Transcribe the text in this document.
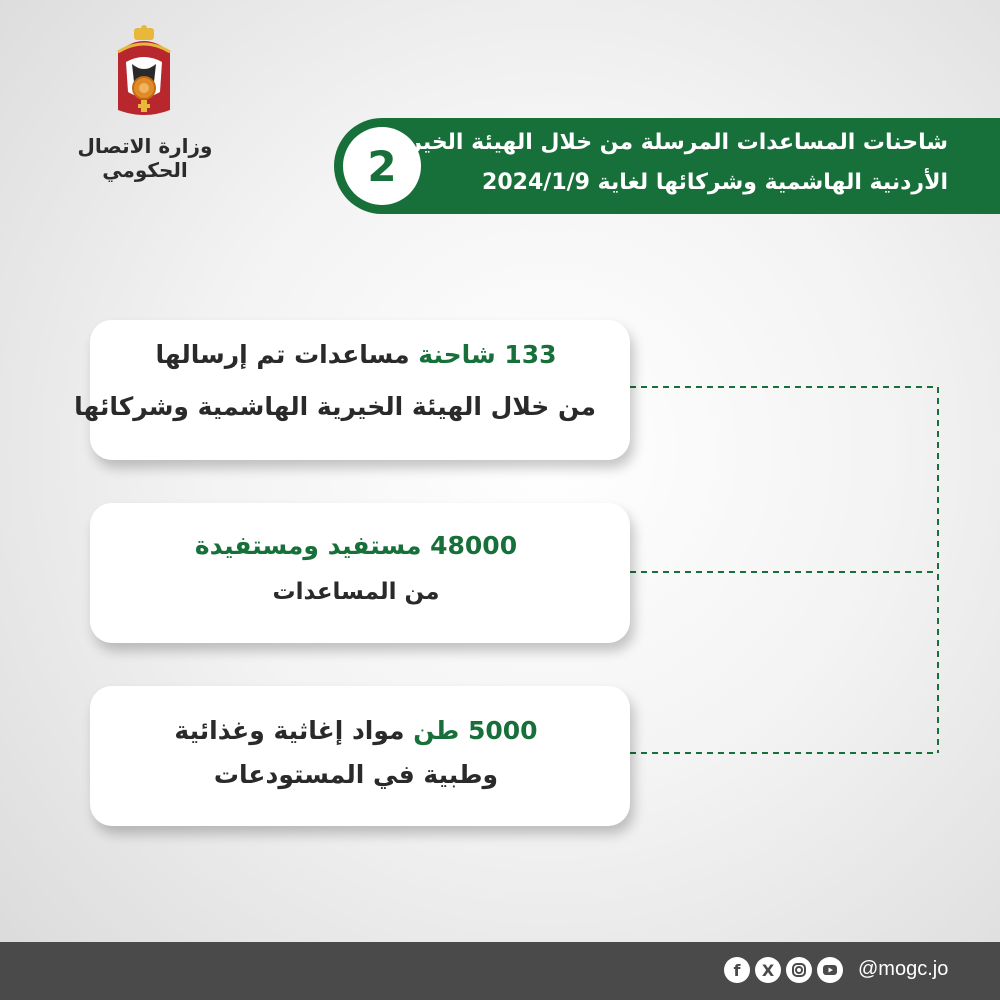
وزارة الاتصال الحكومي	2
شاحنات المساعدات المرسلة من خلال الهيئة الخيرية
الأردنية الهاشمية وشركائها لغاية 2024/1/9
133 شاحنة مساعدات تم إرسالها
من خلال الهيئة الخيرية الهاشمية وشركائها
48000 مستفيد ومستفيدة
من المساعدات
5000 طن مواد إغاثية وغذائية
وطبية في المستودعات
f	X	@mogc.jo
